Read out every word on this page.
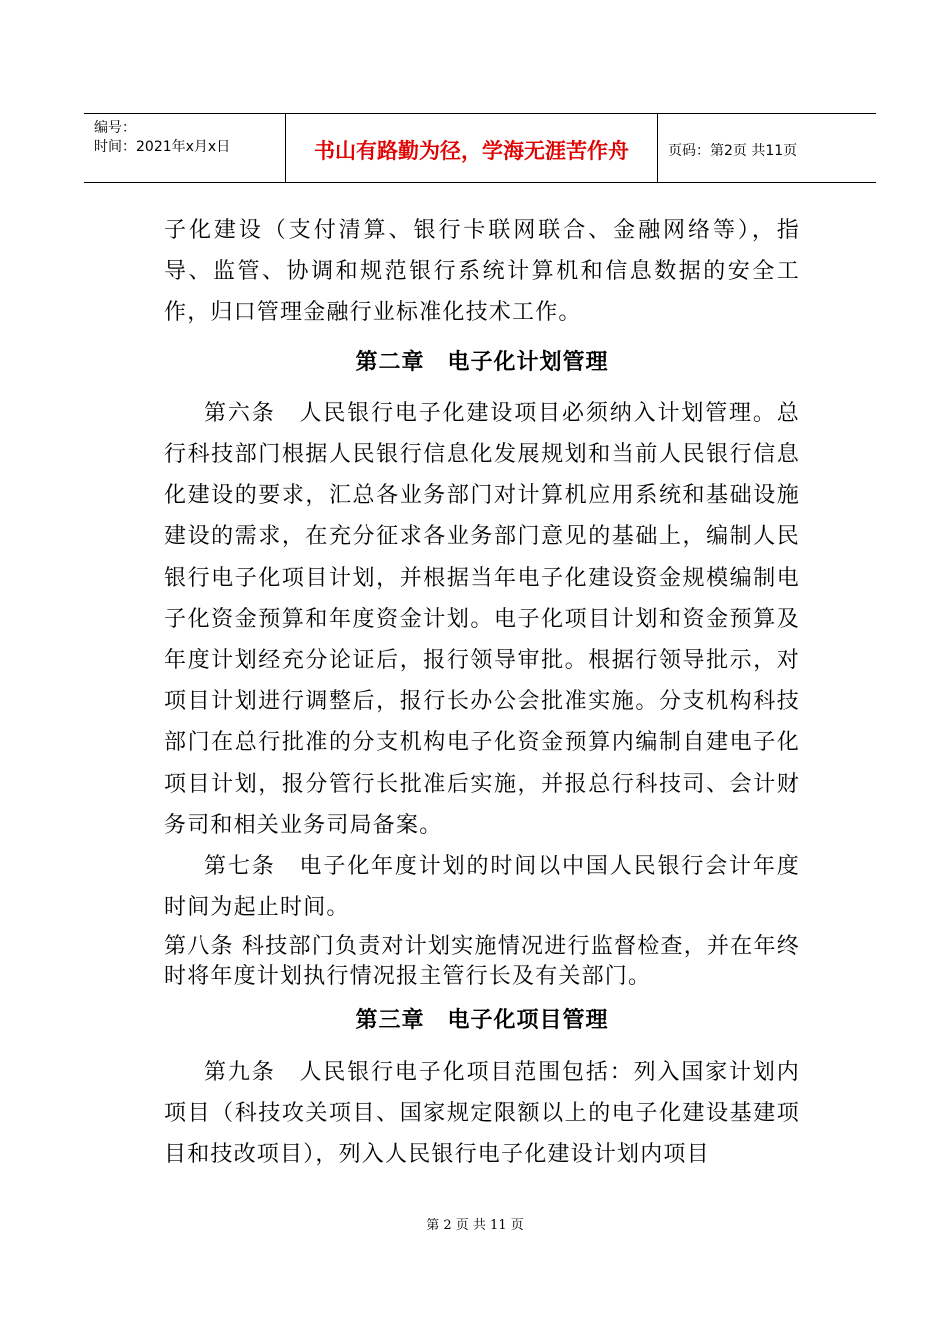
编号：
时间：2021年x月x日	书山有路勤为径，学海无涯苦作舟	页码：第2页 共11页

子化建设（支付清算、银行卡联网联合、金融网络等），指导、监管、协调和规范银行系统计算机和信息数据的安全工作，归口管理金融行业标准化技术工作。

第二章　电子化计划管理

第六条　人民银行电子化建设项目必须纳入计划管理。总行科技部门根据人民银行信息化发展规划和当前人民银行信息化建设的要求，汇总各业务部门对计算机应用系统和基础设施建设的需求，在充分征求各业务部门意见的基础上，编制人民银行电子化项目计划，并根据当年电子化建设资金规模编制电子化资金预算和年度资金计划。电子化项目计划和资金预算及年度计划经充分论证后，报行领导审批。根据行领导批示，对项目计划进行调整后，报行长办公会批准实施。分支机构科技部门在总行批准的分支机构电子化资金预算内编制自建电子化项目计划，报分管行长批准后实施，并报总行科技司、会计财务司和相关业务司局备案。

第七条　电子化年度计划的时间以中国人民银行会计年度时间为起止时间。

第八条 科技部门负责对计划实施情况进行监督检查，并在年终时将年度计划执行情况报主管行长及有关部门。

第三章　电子化项目管理

第九条　人民银行电子化项目范围包括：列入国家计划内项目（科技攻关项目、国家规定限额以上的电子化建设基建项目和技改项目），列入人民银行电子化建设计划内项目

第 2 页 共 11 页
